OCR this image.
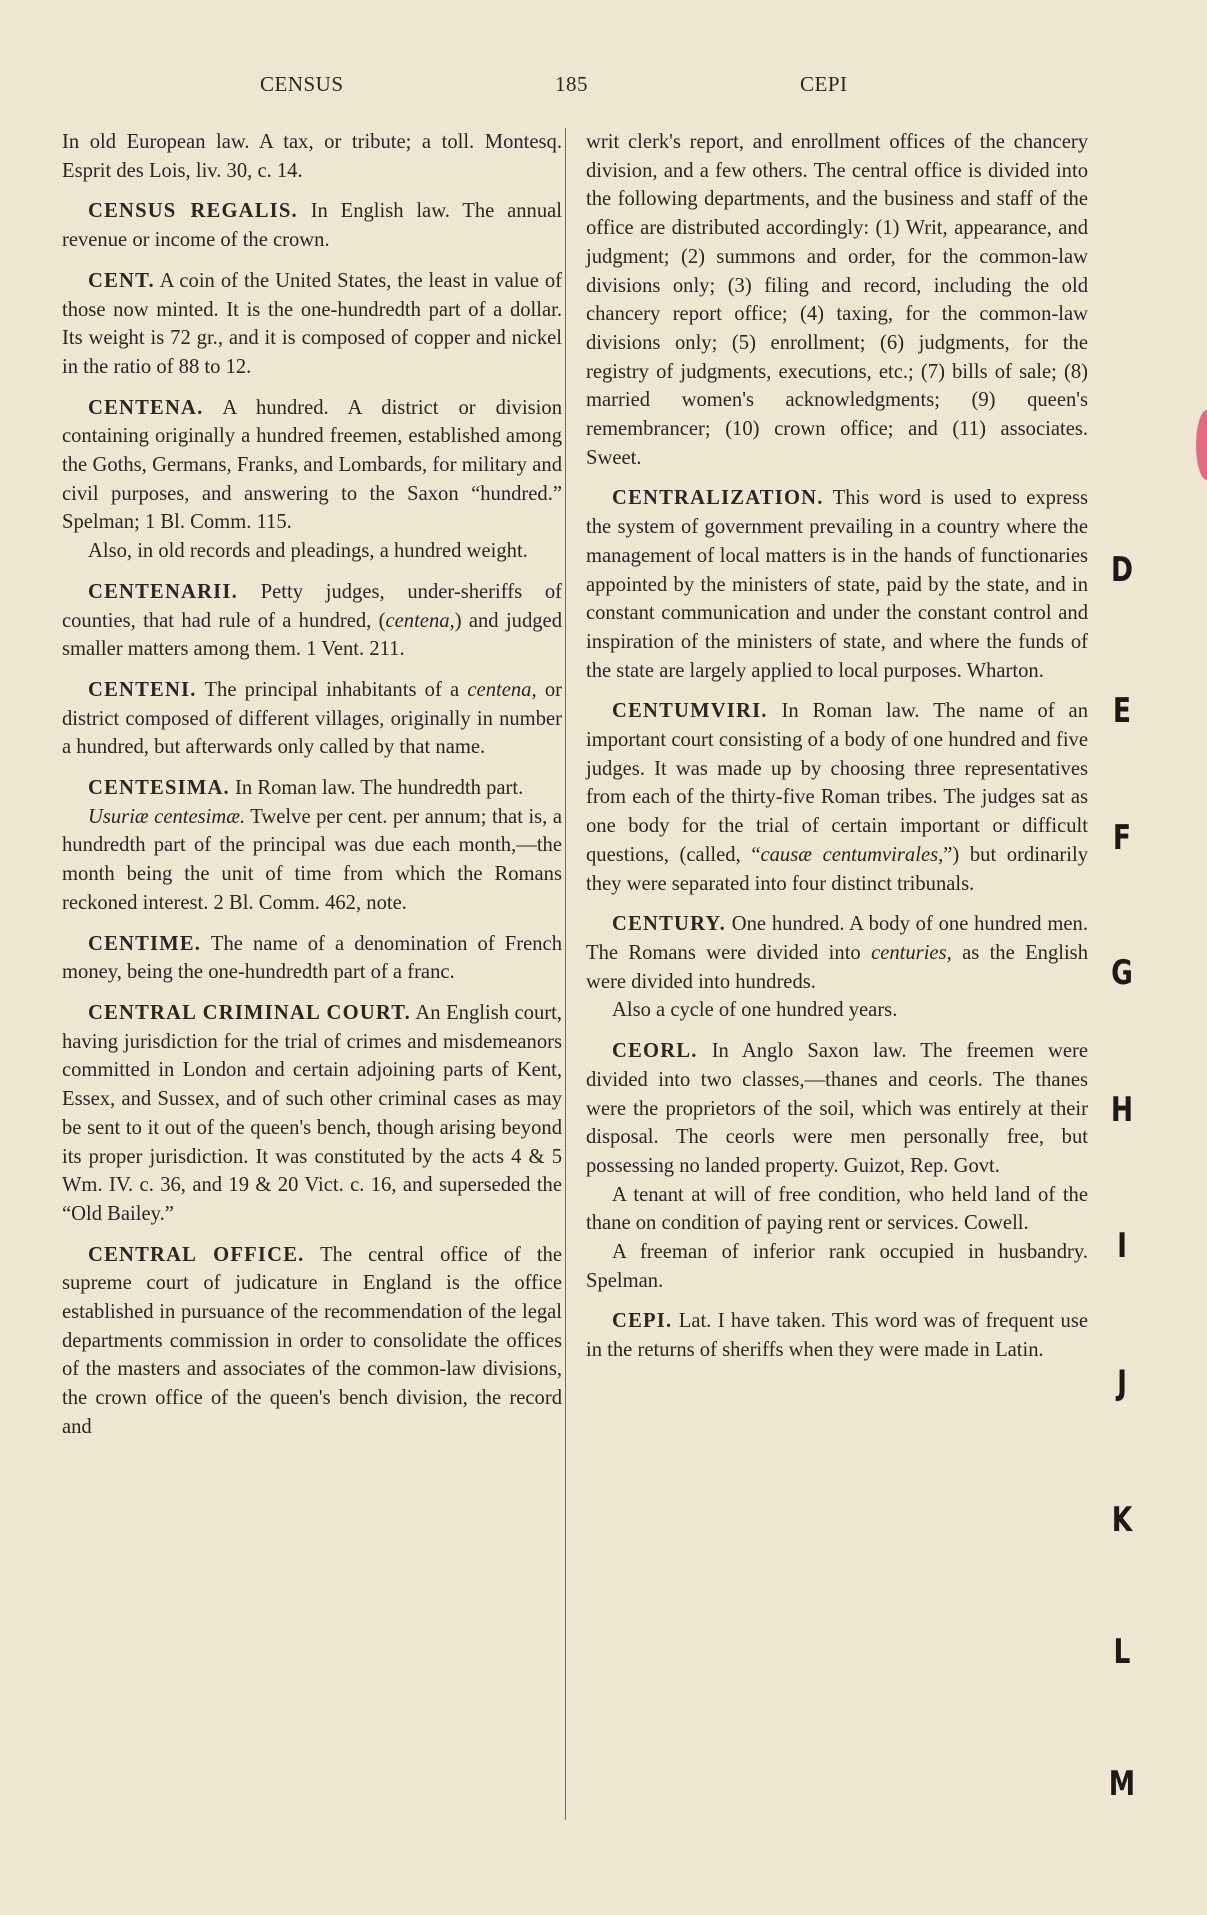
CENSUS	185	CEPI

In old European law. A tax, or tribute; a toll. Montesq. Esprit des Lois, liv. 30, c. 14.

CENSUS REGALIS. In English law. The annual revenue or income of the crown.

CENT. A coin of the United States, the least in value of those now minted. It is the one-hundredth part of a dollar. Its weight is 72 gr., and it is composed of copper and nickel in the ratio of 88 to 12.

CENTENA. A hundred. A district or division containing originally a hundred freemen, established among the Goths, Germans, Franks, and Lombards, for military and civil purposes, and answering to the Saxon “hundred.” Spelman; 1 Bl. Comm. 115.
Also, in old records and pleadings, a hundred weight.

CENTENARII. Petty judges, under-sheriffs of counties, that had rule of a hundred, (centena,) and judged smaller matters among them. 1 Vent. 211.

CENTENI. The principal inhabitants of a centena, or district composed of different villages, originally in number a hundred, but afterwards only called by that name.

CENTESIMA. In Roman law. The hundredth part.
Usuriæ centesimæ. Twelve per cent. per annum; that is, a hundredth part of the principal was due each month,—the month being the unit of time from which the Romans reckoned interest. 2 Bl. Comm. 462, note.

CENTIME. The name of a denomination of French money, being the one-hundredth part of a franc.

CENTRAL CRIMINAL COURT. An English court, having jurisdiction for the trial of crimes and misdemeanors committed in London and certain adjoining parts of Kent, Essex, and Sussex, and of such other criminal cases as may be sent to it out of the queen's bench, though arising beyond its proper jurisdiction. It was constituted by the acts 4 & 5 Wm. IV. c. 36, and 19 & 20 Vict. c. 16, and superseded the “Old Bailey.”

CENTRAL OFFICE. The central office of the supreme court of judicature in England is the office established in pursuance of the recommendation of the legal departments commission in order to consolidate the offices of the masters and associates of the common-law divisions, the crown office of the queen's bench division, the record and

writ clerk's report, and enrollment offices of the chancery division, and a few others. The central office is divided into the following departments, and the business and staff of the office are distributed accordingly: (1) Writ, appearance, and judgment; (2) summons and order, for the common-law divisions only; (3) filing and record, including the old chancery report office; (4) taxing, for the common-law divisions only; (5) enrollment; (6) judgments, for the registry of judgments, executions, etc.; (7) bills of sale; (8) married women's acknowledgments; (9) queen's remembrancer; (10) crown office; and (11) associates. Sweet.

CENTRALIZATION. This word is used to express the system of government prevailing in a country where the management of local matters is in the hands of functionaries appointed by the ministers of state, paid by the state, and in constant communication and under the constant control and inspiration of the ministers of state, and where the funds of the state are largely applied to local purposes. Wharton.

CENTUMVIRI. In Roman law. The name of an important court consisting of a body of one hundred and five judges. It was made up by choosing three representatives from each of the thirty-five Roman tribes. The judges sat as one body for the trial of certain important or difficult questions, (called, “causæ centumvirales,”) but ordinarily they were separated into four distinct tribunals.

CENTURY. One hundred. A body of one hundred men. The Romans were divided into centuries, as the English were divided into hundreds.
Also a cycle of one hundred years.
CEORL. In Anglo Saxon law. The freemen were divided into two classes,—thanes and ceorls. The thanes were the proprietors of the soil, which was entirely at their disposal. The ceorls were men personally free, but possessing no landed property. Guizot, Rep. Govt.
A tenant at will of free condition, who held land of the thane on condition of paying rent or services. Cowell.
A freeman of inferior rank occupied in husbandry. Spelman.

CEPI. Lat. I have taken. This word was of frequent use in the returns of sheriffs when they were made in Latin.

D
E
F
G
H
I
J
K
L
M
